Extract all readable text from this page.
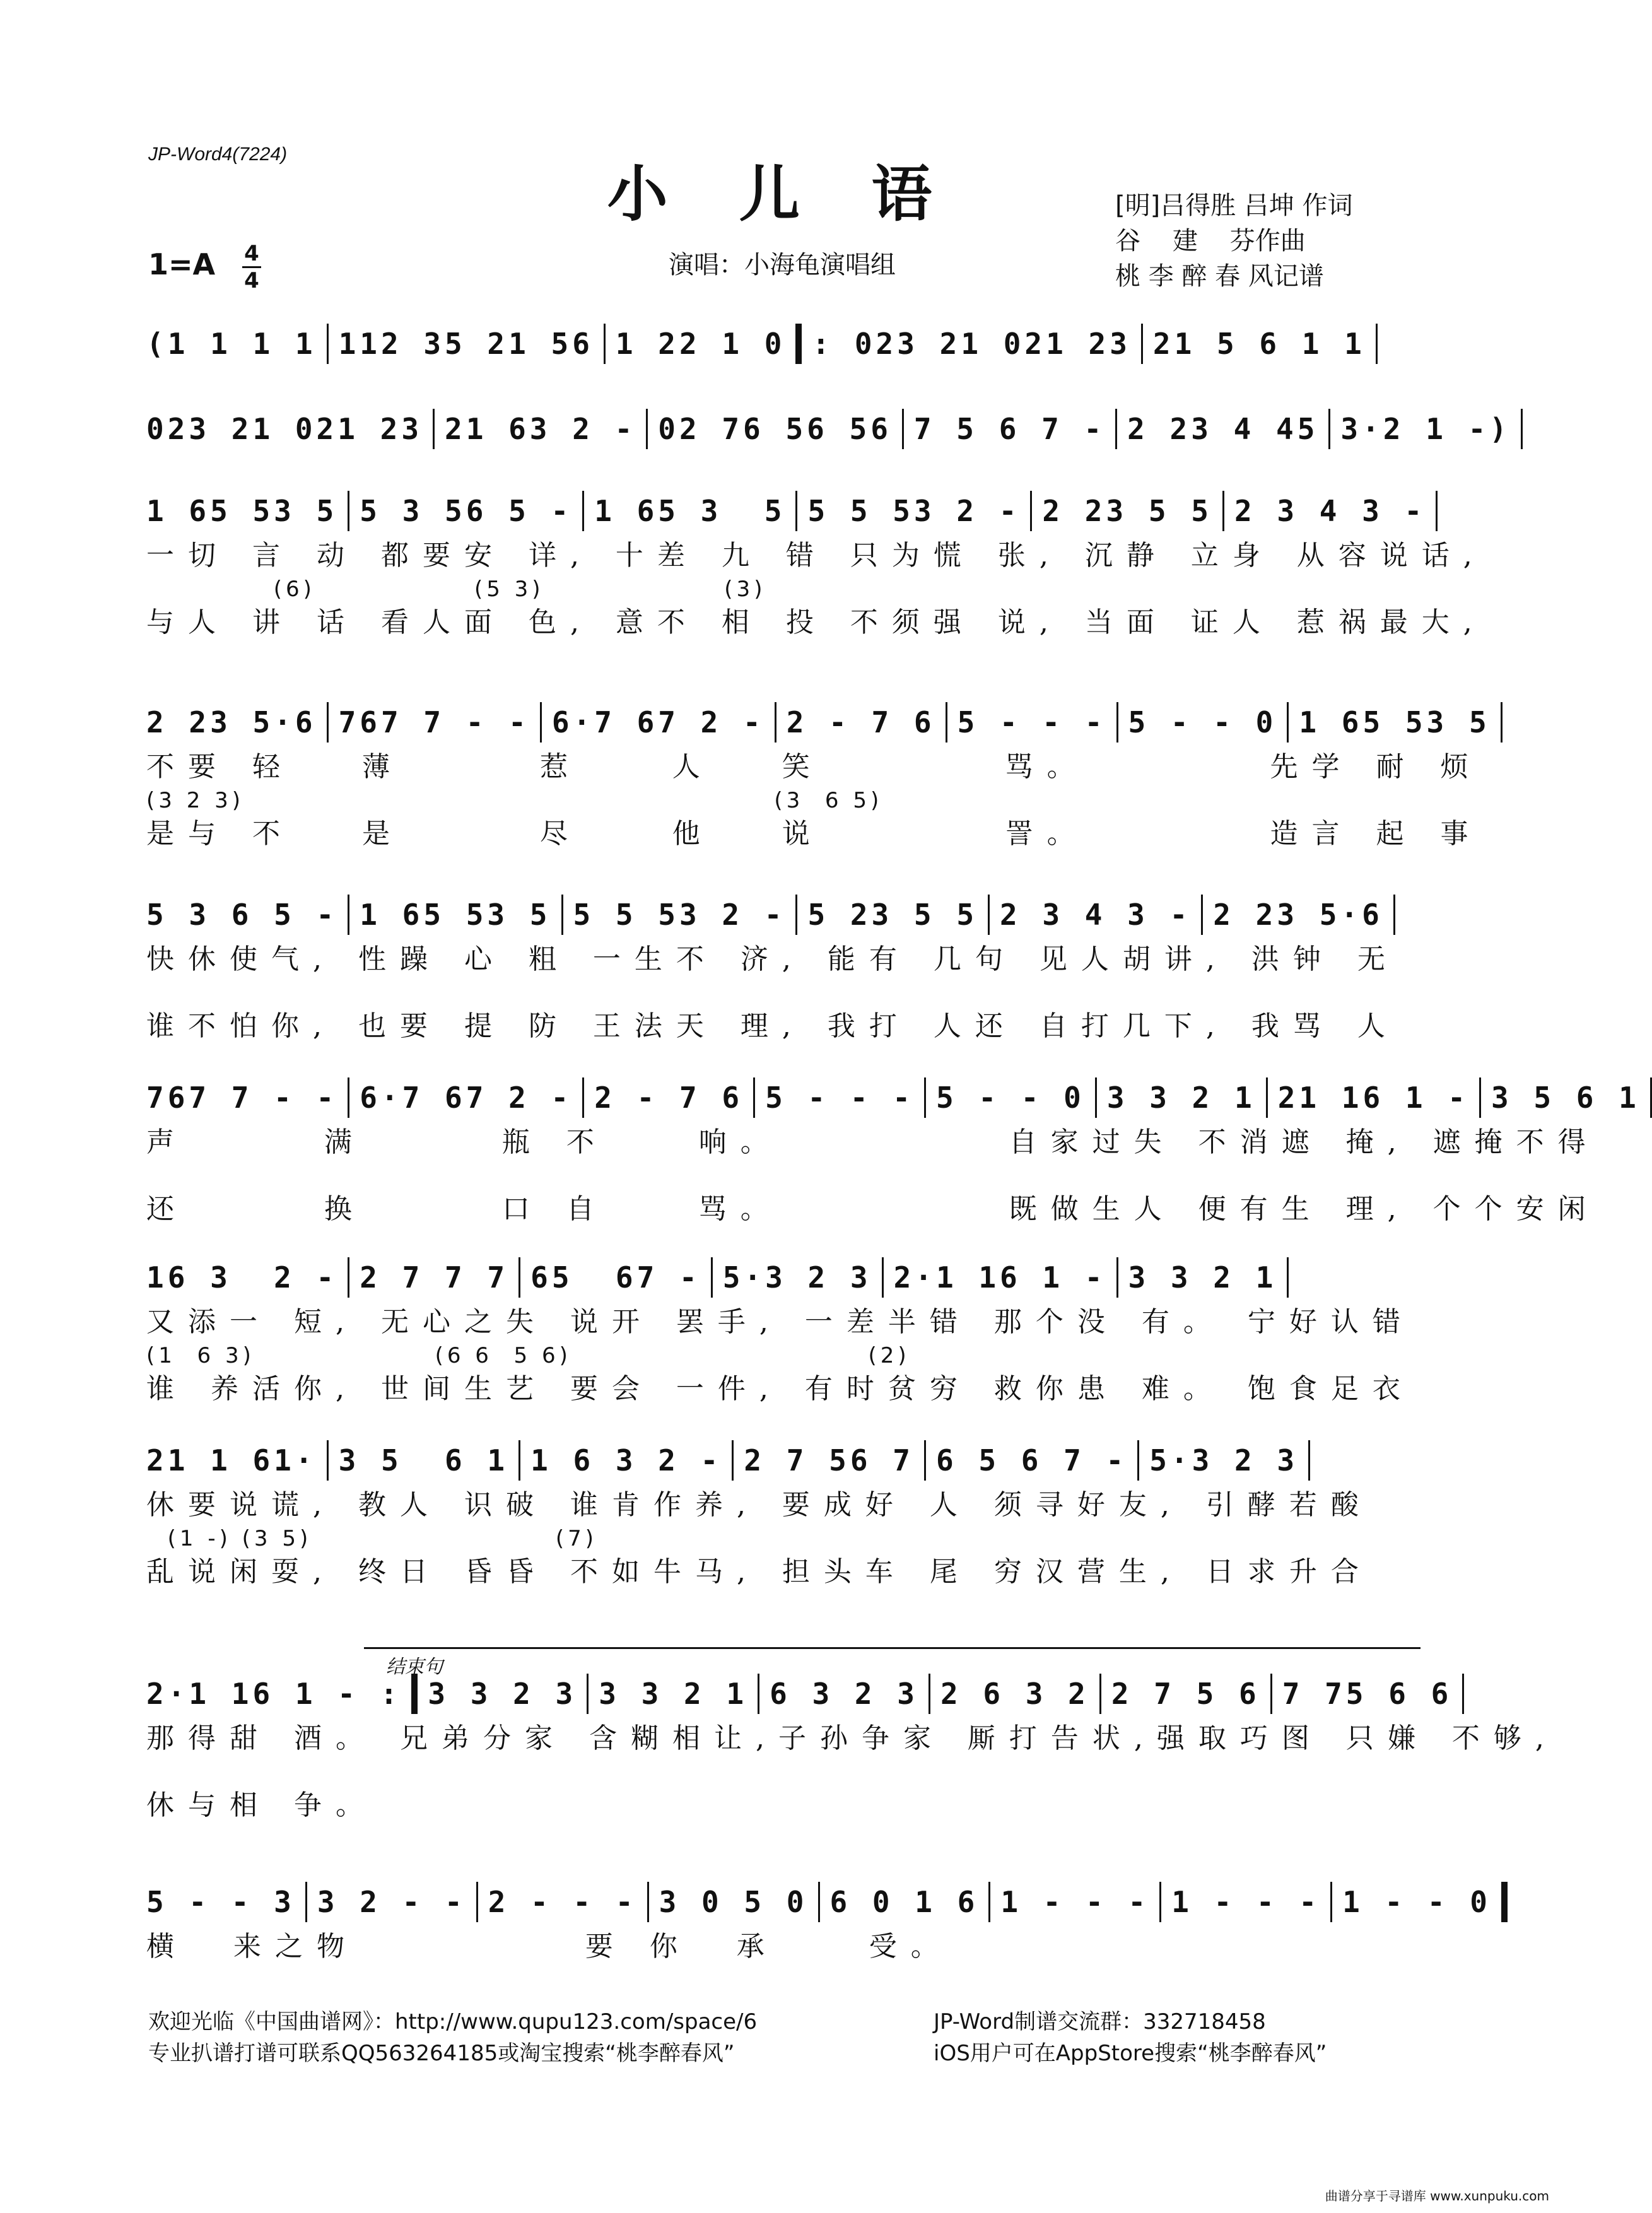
JP-Word4(7224)
小 儿 语	[明]吕得胜 吕坤 作词
谷    建    芬作曲
桃 李 醉 春 风记谱
演唱：小海龟演唱组
1=A 4
4
(1 1 1 1 112 35 21 56 1 22 1 0 : 023 21 021 23 21 5 6 1 1
023 21 021 23 21 63 2 - 02 76 56 56 7 5 6 7 - 2 23 4 45 3·2 1 -)
1 65 53 5 5 3 56 5 - 1 65 3  5 5 5 53 2 - 2 23 5 5 2 3 4 3 -
一切 言 动 都要安 详, 十差 九 错 只为慌 张, 沉静 立身 从容说话,
(6)               (5 3)                 (3)
与人 讲 话 看人面 色, 意不 相 投 不须强 说, 当面 证人 惹祸最大,
2 23 5·6 767 7 - - 6·7 67 2 - 2 - 7 6 5 - - - 5 - - 0 1 65 53 5
不要 轻   薄      惹    人   笑        骂。        先学 耐 烦
(3 2 3)                                                  (3  6 5)
是与 不   是      尽    他   说        詈。        造言 起 事
5 3 6 5 - 1 65 53 5 5 5 53 2 - 5 23 5 5 2 3 4 3 - 2 23 5·6
快休使气, 性躁 心 粗 一生不 济, 能有 几句 见人胡讲, 洪钟 无
谁不怕你, 也要 提 防 王法天 理, 我打 人还 自打几下, 我骂 人
767 7 - - 6·7 67 2 - 2 - 7 6 5 - - - 5 - - 0 3 3 2 1 21 16 1 - 3 5 6 1
声      满      瓶 不    响。          自家过失 不消遮 掩, 遮掩不得
还      换      口 自    骂。          既做生人 便有生 理, 个个安闲
16 3  2 - 2 7 7 7 65  67 - 5·3 2 3 2·1 16 1 - 3 3 2 1
又添一 短, 无心之失 说开 罢手, 一差半错 那个没 有。 宁好认错
(1  6 3)                 (6 6  5 6)                            (2)
谁 养活你, 世间生艺 要会 一件, 有时贫穷 救你患 难。 饱食足衣
21 1 61· 3 5  6 1 1 6 3 2 - 2 7 56 7 6 5 6 7 - 5·3 2 3
休要说谎, 教人 识破 谁肯作养, 要成好 人 须寻好友, 引酵若酸
(1 -) (3 5)                       (7)
乱说闲耍, 终日 昏昏 不如牛马, 担头车 尾 穷汉营生, 日求升合
结束句
2·1 16 1 - : 3 3 2 3 3 3 2 1 6 3 2 3 2 6 3 2 2 7 5 6 7 75 6 6
那得甜 酒。 兄弟分家 含糊相让,子孙争家 厮打告状,强取巧图 只嫌 不够,
休与相 争。
5 - - 3 3 2 - - 2 - - - 3 0 5 0 6 0 1 6 1 - - - 1 - - - 1 - - 0
横  来之物          要 你  承    受。
欢迎光临《中国曲谱网》：http://www.qupu123.com/space/6
专业扒谱打谱可联系QQ563264185或淘宝搜索“桃李醉春风”
JP-Word制谱交流群：332718458
iOS用户可在AppStore搜索“桃李醉春风”
曲谱分享于寻谱库 www.xunpuku.com
